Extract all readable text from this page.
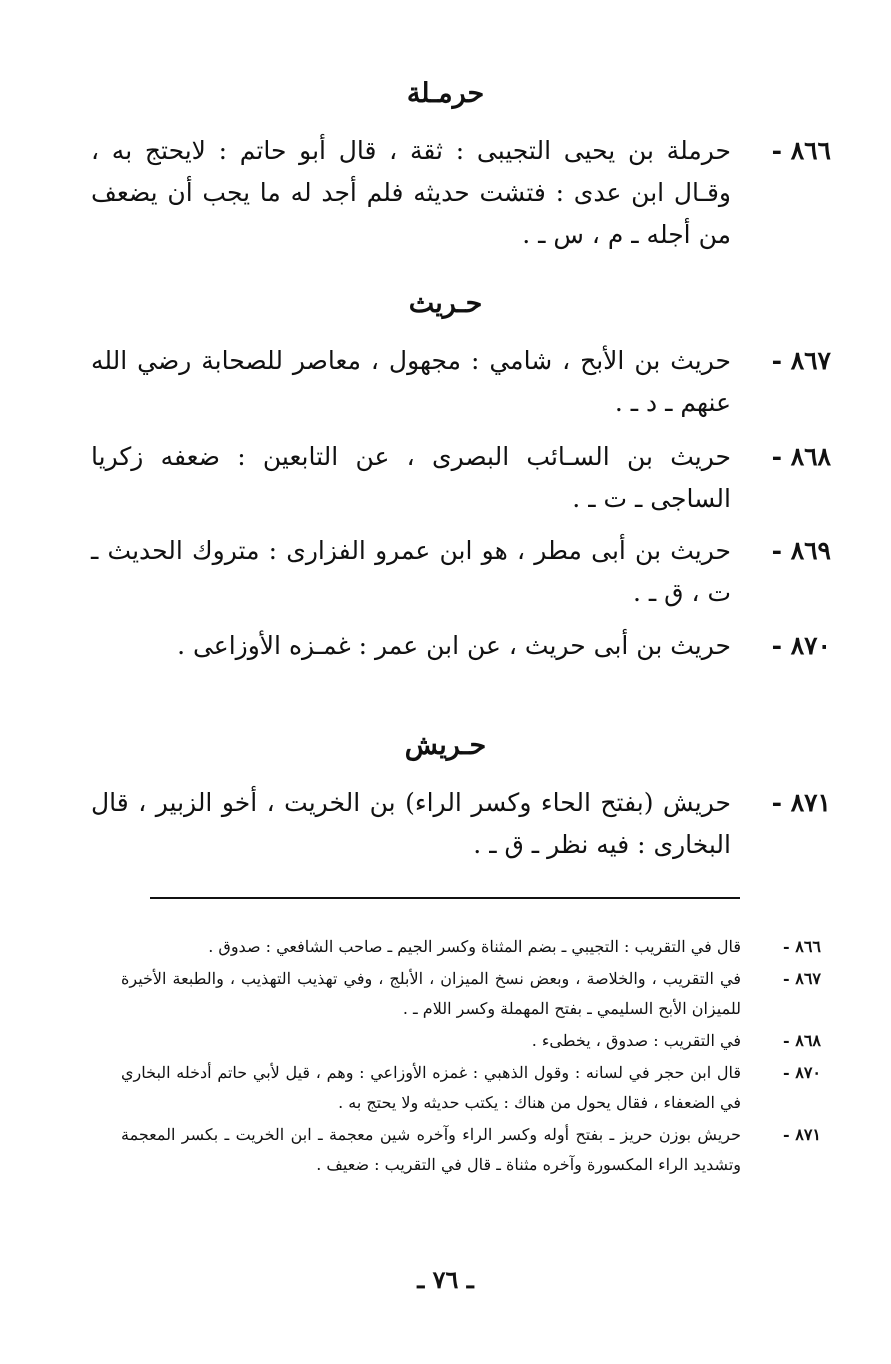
حرمـلة
٨٦٦ -
حرملة بن يحيى التجيبى : ثقة ، قال أبو حاتم : لايحتج به ، وقـال ابن عدى : فتشت حديثه فلم أجد له ما يجب أن يضعف من أجله ـ م ، س ـ .
حـريث
٨٦٧ -
حريث بن الأبح ، شامي : مجهول ، معاصر للصحابة رضي الله عنهم ـ د ـ .
٨٦٨ -
حريث بن السـائب البصرى ، عن التابعين : ضعفه زكريا الساجى ـ ت ـ .
٨٦٩ -
حريث بن أبى مطر ، هو ابن عمرو الفزارى : متروك الحديث ـ ت ، ق ـ .
٨٧٠ -
حريث بن أبى حريث ، عن ابن عمر : غمـزه الأوزاعى .
حـريش
٨٧١ -
حريش (بفتح الحاء وكسر الراء) بن الخريت ، أخو الزبير ، قال البخارى : فيه نظر ـ ق ـ .
٨٦٦ -
قال في التقريب : التجيبي ـ بضم المثناة وكسر الجيم ـ صاحب الشافعي : صدوق .
٨٦٧ -
في التقريب ، والخلاصة ، وبعض نسخ الميزان ، الأبلج ، وفي تهذيب التهذيب ، والطبعة الأخيرة للميزان الأبح السليمي ـ بفتح المهملة وكسر اللام ـ .
٨٦٨ -
في التقريب : صدوق ، يخطىء .
٨٧٠ -
قال ابن حجر في لسانه : وقول الذهبي : غمزه الأوزاعي : وهم ، قيل لأبي حاتم أدخله البخاري في الضعفاء ، فقال يحول من هناك : يكتب حديثه ولا يحتج به .
٨٧١ -
حريش بوزن حريز ـ بفتح أوله وكسر الراء وآخره شين معجمة ـ ابن الخريت ـ بكسر المعجمة وتشديد الراء المكسورة وآخره مثناة ـ قال في التقريب : ضعيف .
ـ ٧٦ ـ
